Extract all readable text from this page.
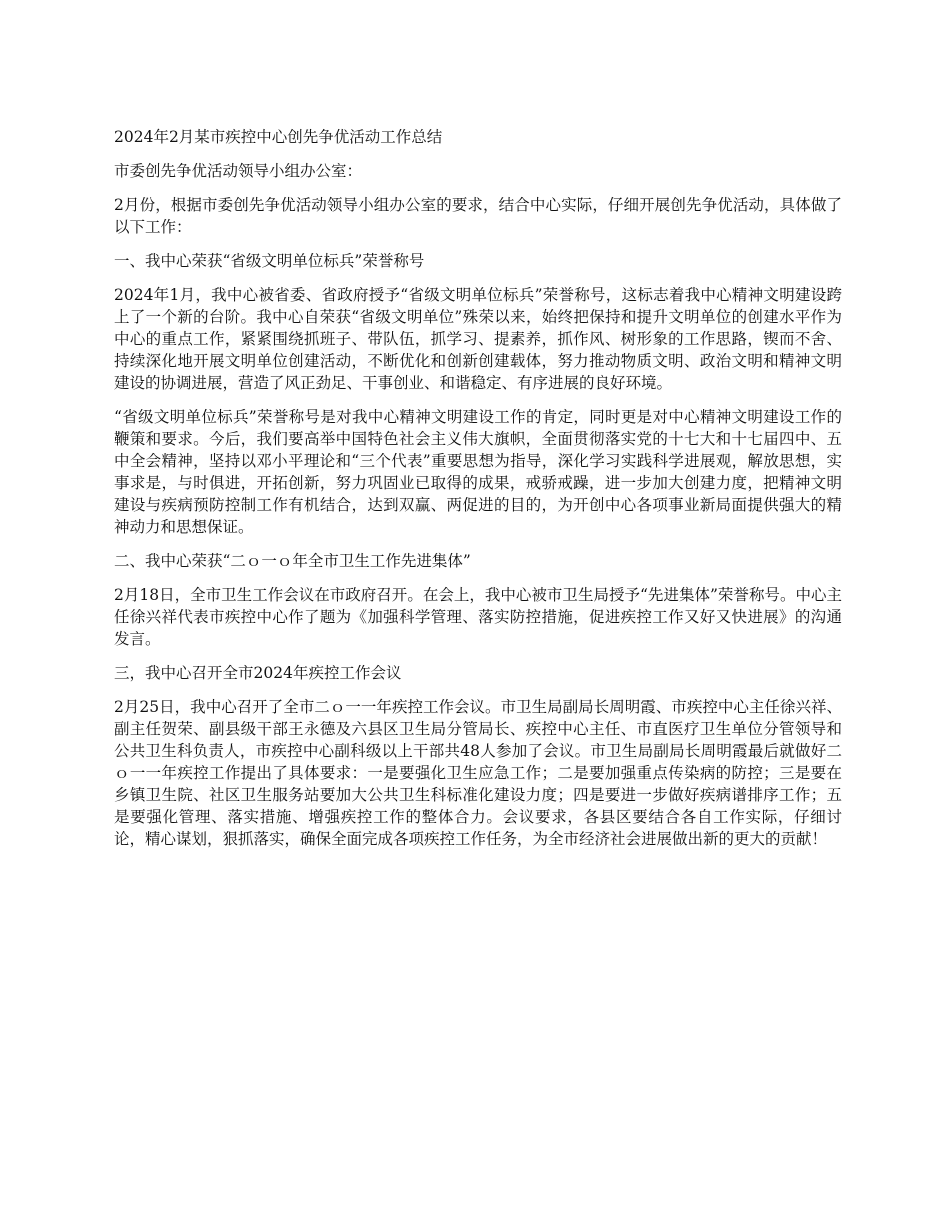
2024年2月某市疾控中心创先争优活动工作总结

市委创先争优活动领导小组办公室：

2月份，根据市委创先争优活动领导小组办公室的要求，结合中心实际，仔细开展创先争优活动，具体做了以下工作：

一、我中心荣获“省级文明单位标兵”荣誉称号

2024年1月，我中心被省委、省政府授予“省级文明单位标兵”荣誉称号，这标志着我中心精神文明建设跨上了一个新的台阶。我中心自荣获“省级文明单位”殊荣以来，始终把保持和提升文明单位的创建水平作为中心的重点工作，紧紧围绕抓班子、带队伍，抓学习、提素养，抓作风、树形象的工作思路，锲而不舍、持续深化地开展文明单位创建活动，不断优化和创新创建载体，努力推动物质文明、政治文明和精神文明建设的协调进展，营造了风正劲足、干事创业、和谐稳定、有序进展的良好环境。

“省级文明单位标兵”荣誉称号是对我中心精神文明建设工作的肯定，同时更是对中心精神文明建设工作的鞭策和要求。今后，我们要高举中国特色社会主义伟大旗帜，全面贯彻落实党的十七大和十七届四中、五中全会精神，坚持以邓小平理论和“三个代表”重要思想为指导，深化学习实践科学进展观，解放思想，实事求是，与时俱进，开拓创新，努力巩固业已取得的成果，戒骄戒躁，进一步加大创建力度，把精神文明建设与疾病预防控制工作有机结合，达到双赢、两促进的目的，为开创中心各项事业新局面提供强大的精神动力和思想保证。

二、我中心荣获“二ｏ一ｏ年全市卫生工作先进集体”

2月18日，全市卫生工作会议在市政府召开。在会上，我中心被市卫生局授予“先进集体”荣誉称号。中心主任徐兴祥代表市疾控中心作了题为《加强科学管理、落实防控措施，促进疾控工作又好又快进展》的沟通发言。

三，我中心召开全市2024年疾控工作会议

2月25日，我中心召开了全市二ｏ一一年疾控工作会议。市卫生局副局长周明霞、市疾控中心主任徐兴祥、副主任贺荣、副县级干部王永德及六县区卫生局分管局长、疾控中心主任、市直医疗卫生单位分管领导和公共卫生科负责人，市疾控中心副科级以上干部共48人参加了会议。市卫生局副局长周明霞最后就做好二ｏ一一年疾控工作提出了具体要求：一是要强化卫生应急工作；二是要加强重点传染病的防控；三是要在乡镇卫生院、社区卫生服务站要加大公共卫生科标准化建设力度；四是要进一步做好疾病谱排序工作；五是要强化管理、落实措施、增强疾控工作的整体合力。会议要求，各县区要结合各自工作实际，仔细讨论，精心谋划，狠抓落实，确保全面完成各项疾控工作任务，为全市经济社会进展做出新的更大的贡献！
